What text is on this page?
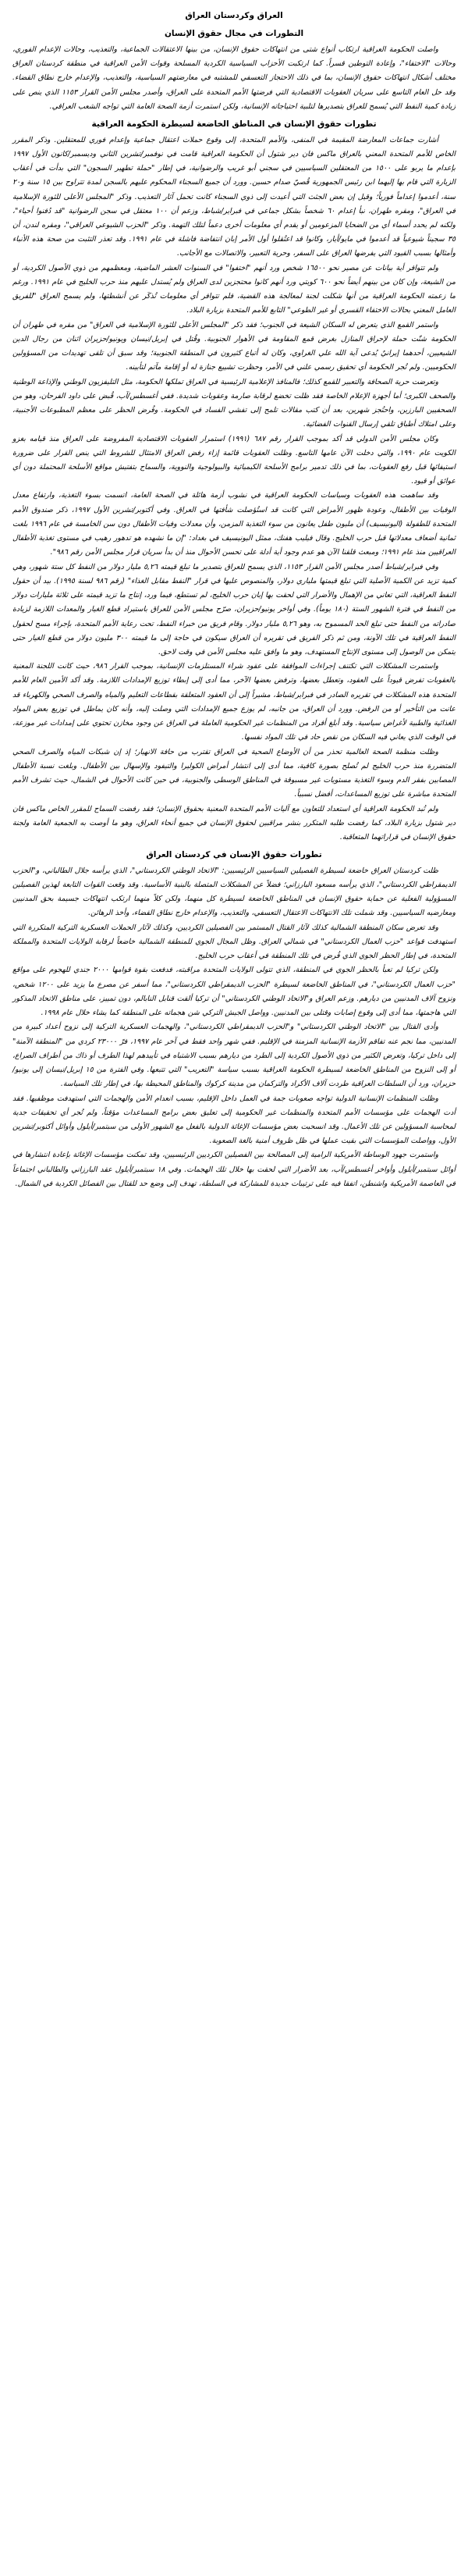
العراق وكردستان العراق
التطورات في مجال حقوق الإنسان

واصلت الحكومة العراقية ارتكاب أنواع شتى من انتهاكات حقوق الإنسان، من بينها الاعتقالات الجماعية، والتعذيب، وحالات الإعدام الفوري، وحالات "الاختفاء"، وإعادة التوطين قسراً. كما ارتكبت الأحزاب السياسية الكردية المسلحة وقوات الأمن العراقية في منطقة كردستان العراق مختلف أشكال انتهاكات حقوق الإنسان، بما في ذلك الاحتجاز التعسفي للمشتبه في معارضتهم السياسية، والتعذيب، والإعدام خارج نطاق القضاء. وقد حل العام التاسع على سريان العقوبات الاقتصادية التي فرضتها الأمم المتحدة على العراق، وأصدر مجلس الأمن القرار ١١٥٣ الذي ينص على زيادة كمية النفط التي يُسمح للعراق بتصديرها لتلبية احتياجاته الإنسانية، ولكن استمرت أزمة الصحة العامة التي تواجه الشعب العراقي.

تطورات حقوق الإنسان في المناطق الخاضعة لسيطرة الحكومة العراقية

أشارت جماعات المعارضة المقيمة في المنفى، والأمم المتحدة، إلى وقوع حملات اعتقال جماعية وإعدام فوري للمعتقلين. وذكر المقرر الخاص للأمم المتحدة المعني بالعراق ماكس فان دير شتول أن الحكومة العراقية قامت في نوفمبر/تشرين الثاني وديسمبر/كانون الأول ١٩٩٧ بإعدام ما يربو على ١٥٠٠ من المعتقلين السياسيين في سجني أبو غريب والرضوانية، في إطار "حملة تطهير السجون" التي بدأت في أعقاب الزيارة التي قام بها إليهما ابن رئيس الجمهورية قُصيّ صدام حسين. وورد أن جميع السجناء المحكوم عليهم بالسجن لمدة تتراوح بين ١٥ سنة و٢٠ سنة، أعدموا إعداماً فورياً؛ وقيل إن بعض الجثث التي أعيدت إلى ذوي السجناء كانت تحمل آثار التعذيب. وذكر "المجلس الأعلى للثورة الإسلامية في العراق"، ومقره طهران، نبأ إعدام ٦٠ شخصاً بشكل جماعي في فبراير/شباط، وزعم أن ١٠٠ معتقل في سجن الرضوانية "قد دُفنوا أحياء"، ولكنه لم يحدد أسماء أي من الضحايا المزعومين أو يقدم أي معلومات أخرى دعماً لتلك التهمة. وذكر "الحزب الشيوعي العراقي"، ومقره لندن، أن ٣٥ سجيناً شيوعياً قد أعدموا في مايو/أيار، وكانوا قد اعتُقلوا أول الأمر إبان انتفاضة فاشلة في عام ١٩٩١. وقد تعذر التثبت من صحة هذه الأنباء وأمثالها بسبب القيود التي يفرضها العراق على السفر، وحرية التعبير، والاتصالات مع الأجانب.

ولم تتوافر أية بيانات عن مصير نحو ١٦٥٠٠ شخص ورد أنهم "اختفوا" في السنوات العشر الماضية، ومعظمهم من ذوي الأصول الكردية، أو من الشيعة، وإن كان من بينهم أيضاً نحو ٦٠٠ كويتي ورد أنهم كانوا محتجزين لدى العراق ولم يُستدل عليهم منذ حرب الخليج في عام ١٩٩١. ورغم ما زعمته الحكومة العراقية من أنها شكلت لجنة لمعالجة هذه القضية، فلم تتوافر أي معلومات تُذكَر عن أنشطتها، ولم يسمح العراق "للفريق العامل المعني بحالات الاختفاء القسري أو غير الطوعي" التابع للأمم المتحدة بزيارة البلاد.

واستمر القمع الذي يتعرض له السكان الشيعة في الجنوب؛ فقد ذكر "المجلس الأعلى للثورة الإسلامية في العراق" من مقره في طهران أن الحكومة شنّت حملة لإحراق المنازل بغرض قمع المقاومة في الأهوار الجنوبية. وقُتل في إبريل/نيسان ويونيو/حزيران اثنان من رجال الدين الشيعيين، أحدهما إيرانيٌ يُدعى آية الله علي الغراوي، وكان له أتباع كثيرون في المنطقة الجنوبية؛ وقد سبق أن تلقى تهديدات من المسؤولين الحكوميين. ولم تُجر الحكومة أي تحقيق رسمي علني في الأمر، وحظرت تشييع جنازة له أو إقامة مآتم لتأبينه.

وتعرضت حرية الصحافة والتعبير للقمع كذلك؛ فالمنافذ الإعلامية الرئيسية في العراق تملكها الحكومة، مثل التليفزيون الوطني والإذاعة الوطنية والصحف الكبرى؛ أما أجهزة الإعلام الخاصة فقد ظلت تخضع لرقابة صارمة وعقوبات شديدة. ففي أغسطس/آب، قُبض على داود الفرحان، وهو من الصحفيين البارزين، واحتُجز شهرين، بعد أن كتب مقالات تلمح إلى تفشي الفساد في الحكومة. وفُرض الحظر على معظم المطبوعات الأجنبية، وعلى امتلاك أطباق تلقي إرسال القنوات الفضائية.

وكان مجلس الأمن الدولي قد أكد بموجب القرار رقم ٦٨٧ (١٩٩١) استمرار العقوبات الاقتصادية المفروضة على العراق منذ قيامه بغزو الكويت عام ١٩٩٠، والتي دخلت الآن عامها التاسع. وظلت العقوبات قائمة إزاء رفض العراق الامتثال للشروط التي ينص القرار على ضرورة استيفائها قبل رفع العقوبات، بما في ذلك تدمير برامج الأسلحة الكيميائية والبيولوجية والنووية، والسماح بتفتيش مواقع الأسلحة المحتملة دون أي عوائق أو قيود.

وقد ساهمت هذه العقوبات وسياسات الحكومة العراقية في نشوب أزمة هائلة في الصحة العامة، اتسمت بسوء التغذية، وارتفاع معدل الوفيات بين الأطفال، وعودة ظهور الأمراض التي كانت قد استُؤصلت شأفتها في العراق. وفي أكتوبر/تشرين الأول ١٩٩٧، ذكر صندوق الأمم المتحدة للطفولة (اليونيسيف) أن مليون طفل يعانون من سوء التغذية المزمن، وأن معدلات وفيات الأطفال دون سن الخامسة في عام ١٩٩٦ بلغت ثمانية أضعاف معدلاتها قبل حرب الخليج. وقال فيليب هفنك، ممثل اليونيسيف في بغداد: "إن ما نشهده هو تدهور رهيب في مستوى تغذية الأطفال العراقيين منذ عام ١٩٩١؛ ومبعث قلقنا الآن هو عدم وجود أية أدلة على تحسن الأحوال منذ أن بدأ سريان قرار مجلس الأمن رقم ٩٨٦".

وفي فبراير/شباط أصدر مجلس الأمن القرار ١١٥٣، الذي يسمح للعراق بتصدير ما تبلغ قيمته ٥,٢٦ مليار دولار من النفط كل ستة شهور، وهي كمية تزيد عن الكمية الأصلية التي تبلغ قيمتها ملياري دولار، والمنصوص عليها في قرار "النفط مقابل الغذاء" (رقم ٩٨٦ لسنة ١٩٩٥). بيد أن حقول النفط العراقية، التي تعاني من الإهمال والأضرار التي لحقت بها إبان حرب الخليج، لم تستطع، فيما ورد، إنتاج ما تزيد قيمته على ثلاثة مليارات دولار من النفط في فترة الشهور الستة (١٨٠ يوماً). وفي أواخر يونيو/حزيران، صرّح مجلس الأمن للعراق باستيراد قطع الغيار والمعدات اللازمة لزيادة صادراته من النفط حتى تبلغ الحد المسموح به، وهو ٥,٢٦ مليار دولار. وقام فريق من خبراء النفط، تحت رعاية الأمم المتحدة، بإجراء مسح لحقول النفط العراقية في تلك الآونة، ومن ثم ذكر الفريق في تقريره أن العراق سيكون في حاجة إلى ما قيمته ٣٠٠ مليون دولار من قطع الغيار حتى يتمكن من الوصول إلى مستوى الإنتاج المستهدف، وهو ما وافق عليه مجلس الأمن في وقت لاحق.

واستمرت المشكلات التي تكتنف إجراءات الموافقة على عقود شراء المستلزمات الإنسانية، بموجب القرار ٩٨٦، حيث كانت اللجنة المعنية بالعقوبات تفرض قيوداً على العقود، وتعطل بعضها، وترفض بعضها الآخر، مما أدى إلى إبطاء توزيع الإمدادات اللازمة. وقد أكد الأمين العام للأمم المتحدة هذه المشكلات في تقريره الصادر في فبراير/شباط، مشيراً إلى أن العقود المتعلقة بقطاعات التعليم والمياه والصرف الصحي والكهرباء قد عانت من التأخير أو من الرفض. وورد أن العراق، من جانبه، لم يوزع جميع الإمدادات التي وصلت إليه، وأنه كان يماطل في توزيع بعض المواد الغذائية والطبية لأغراض سياسية. وقد أبلغ أفراد من المنظمات غير الحكومية العاملة في العراق عن وجود مخازن تحتوي على إمدادات غير موزعة، في الوقت الذي يعاني فيه السكان من نقص حاد في تلك المواد نفسها.

وظلت منظمة الصحة العالمية تحذر من أن الأوضاع الصحية في العراق تقترب من حافة الانهيار؛ إذ إن شبكات المياه والصرف الصحي المتضررة منذ حرب الخليج لم تُصلح بصورة كافية، مما أدى إلى انتشار أمراض الكوليرا والتيفود والإسهال بين الأطفال. وبلغت نسبة الأطفال المصابين بفقر الدم وسوء التغذية مستويات غير مسبوقة في المناطق الوسطى والجنوبية، في حين كانت الأحوال في الشمال، حيث تشرف الأمم المتحدة مباشرة على توزيع المساعدات، أفضل نسبياً.

ولم تُبد الحكومة العراقية أي استعداد للتعاون مع آليات الأمم المتحدة المعنية بحقوق الإنسان؛ فقد رفضت السماح للمقرر الخاص ماكس فان دير شتول بزيارة البلاد، كما رفضت طلبه المتكرر بنشر مراقبين لحقوق الإنسان في جميع أنحاء العراق، وهو ما أوصت به الجمعية العامة ولجنة حقوق الإنسان في قراراتهما المتعاقبة.

تطورات حقوق الإنسان في كردستان العراق

ظلت كردستان العراق خاضعة لسيطرة الفصيلين السياسيين الرئيسيين: "الاتحاد الوطني الكردستاني"، الذي يرأسه جلال الطالباني، و"الحزب الديمقراطي الكردستاني"، الذي يرأسه مسعود البارزاني؛ فضلاً عن المشكلات المتصلة بالبنية الأساسية. وقد وقعت القوات التابعة لهذين الفصيلين المسؤولية الفعلية عن حماية حقوق الإنسان في المناطق الخاضعة لسيطرة كل منهما، ولكن كلاً منهما ارتكب انتهاكات جسيمة بحق المدنيين ومعارضيه السياسيين. وقد شملت تلك الانتهاكات الاعتقال التعسفي، والتعذيب، والإعدام خارج نطاق القضاء، وأخذ الرهائن.

وقد تعرض سكان المنطقة الشمالية كذلك لآثار القتال المستمر بين الفصيلين الكرديين، وكذلك لآثار الحملات العسكرية التركية المتكررة التي استهدفت قواعد "حزب العمال الكردستاني" في شمالي العراق. وظل المجال الجوي للمنطقة الشمالية خاضعاً لرقابة الولايات المتحدة والمملكة المتحدة، في إطار الحظر الجوي الذي فُرض في تلك المنطقة في أعقاب حرب الخليج.

ولكن تركيا لم تعبأ بالحظر الجوي في المنطقة، الذي تتولى الولايات المتحدة مراقبته، فدفعت بقوة قوامها ٢٠٠٠ جندي للهجوم على مواقع "حزب العمال الكردستاني"، في المناطق الخاضعة لسيطرة "الحزب الديمقراطي الكردستاني"، مما أسفر عن مصرع ما يزيد على ١٢٠٠ شخص، ونزوح آلاف المدنيين من ديارهم. وزعم العراق و"الاتحاد الوطني الكردستاني" أن تركيا ألقت قنابل النابالم، دون تمييز، على مناطق الاتحاد المذكور التي هاجمتها، مما أدى إلى وقوع إصابات وقتلى بين المدنيين. وواصل الجيش التركي شن هجماته على المنطقة كما يشاء خلال عام ١٩٩٨.

وأدى القتال بين "الاتحاد الوطني الكردستاني" و"الحزب الديمقراطي الكردستاني"، والهجمات العسكرية التركية إلى نزوح أعداد كبيرة من المدنيين، مما نجم عنه تفاقم الأزمة الإنسانية المزمنة في الإقليم. ففي شهر واحد فقط في آخر عام ١٩٩٧، فرّ ٢٣٠٠٠ كردي من "المنطقة الآمنة" إلى داخل تركيا، وتعرض الكثير من ذوي الأصول الكردية إلى الطرد من ديارهم بسبب الاشتباه في تأييدهم لهذا الطرف أو ذاك من أطراف الصراع، أو إلى النزوح من المناطق الخاضعة لسيطرة الحكومة العراقية بسبب سياسة "التعريب" التي تتبعها. وفي الفترة من ١٥ إبريل/نيسان إلى يونيو/حزيران، ورد أن السلطات العراقية طردت آلاف الأكراد والتركمان من مدينة كركوك والمناطق المحيطة بها، في إطار تلك السياسة.

وظلت المنظمات الإنسانية الدولية تواجه صعوبات جمة في العمل داخل الإقليم، بسبب انعدام الأمن والهجمات التي استهدفت موظفيها. فقد أدت الهجمات على مؤسسات الأمم المتحدة والمنظمات غير الحكومية إلى تعليق بعض برامج المساعدات مؤقتاً، ولم تُجر أي تحقيقات جدية لمحاسبة المسؤولين عن تلك الأعمال. وقد انسحبت بعض مؤسسات الإغاثة الدولية بالفعل مع الشهور الأولى من سبتمبر/أيلول وأوائل أكتوبر/تشرين الأول، وواصلت المؤسسات التي بقيت عملها في ظل ظروف أمنية بالغة الصعوبة.

واستمرت جهود الوساطة الأمريكية الرامية إلى المصالحة بين الفصيلين الكرديين الرئيسيين، وقد تمكنت مؤسسات الإغاثة بإعادة انتشارها في أوائل سبتمبر/أيلول وأواخر أغسطس/آب، بعد الأضرار التي لحقت بها خلال تلك الهجمات. وفي ١٨ سبتمبر/أيلول عقد البارزاني والطالباني اجتماعاً في العاصمة الأمريكية واشنطن، اتفقا فيه على ترتيبات جديدة للمشاركة في السلطة، تهدف إلى وضع حد للقتال بين الفصائل الكردية في الشمال.
